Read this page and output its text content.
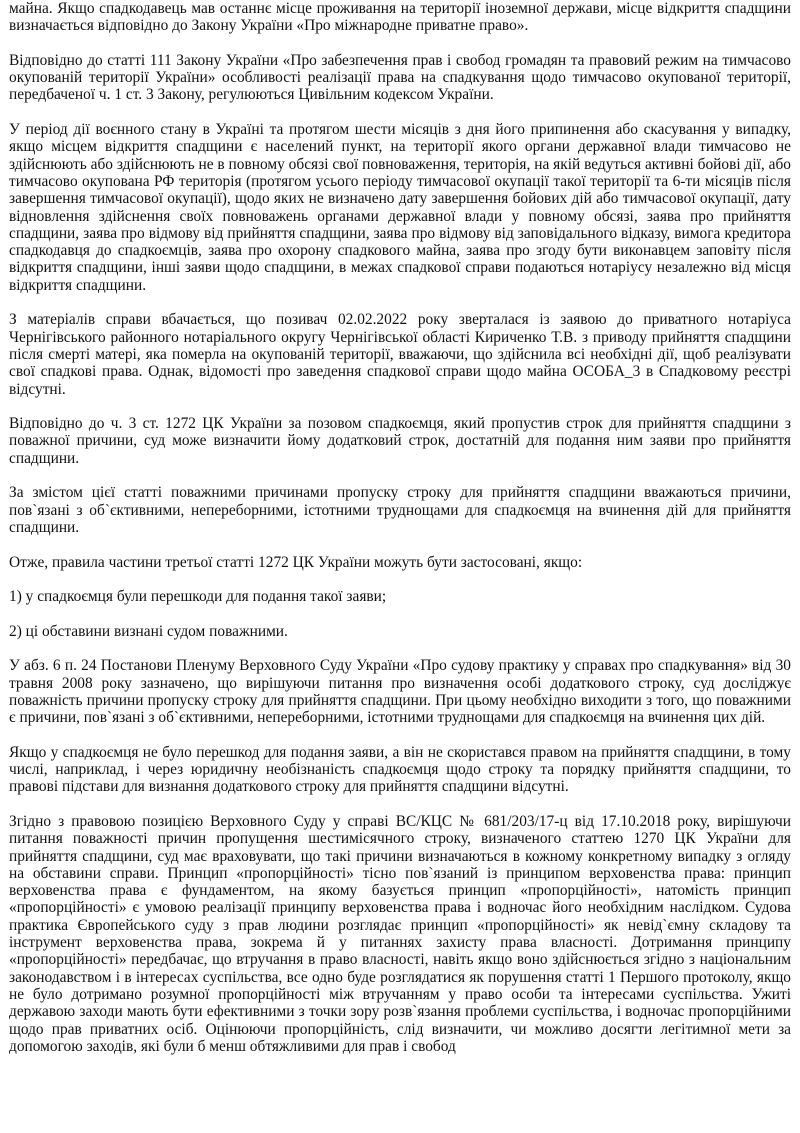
майна. Якщо спадкодавець мав останнє місце проживання на території іноземної держави, місце відкриття спадщини визначається відповідно до Закону України «Про міжнародне приватне право».

Відповідно до статті 111 Закону України «Про забезпечення прав і свобод громадян та правовий режим на тимчасово окупованій території України» особливості реалізації права на спадкування щодо тимчасово окупованої території, передбаченої ч. 1 ст. 3 Закону, регулюються Цивільним кодексом України.

У період дії воєнного стану в Україні та протягом шести місяців з дня його припинення або скасування у випадку, якщо місцем відкриття спадщини є населений пункт, на території якого органи державної влади тимчасово не здійснюють або здійснюють не в повному обсязі свої повноваження, територія, на якій ведуться активні бойові дії, або тимчасово окупована РФ територія (протягом усього періоду тимчасової окупації такої території та 6-ти місяців після завершення тимчасової окупації), щодо яких не визначено дату завершення бойових дій або тимчасової окупації, дату відновлення здійснення своїх повноважень органами державної влади у повному обсязі, заява про прийняття спадщини, заява про відмову від прийняття спадщини, заява про відмову від заповідального відказу, вимога кредитора спадкодавця до спадкоємців, заява про охорону спадкового майна, заява про згоду бути виконавцем заповіту після відкриття спадщини, інші заяви щодо спадщини, в межах спадкової справи подаються нотаріусу незалежно від місця відкриття спадщини.

З матеріалів справи вбачається, що позивач 02.02.2022 року зверталася із заявою до приватного нотаріуса Чернігівського районного нотаріального округу Чернігівської області Кириченко Т.В. з приводу прийняття спадщини після смерті матері, яка померла на окупованій території, вважаючи, що здійснила всі необхідні дії, щоб реалізувати свої спадкові права. Однак, відомості про заведення спадкової справи щодо майна ОСОБА_3 в Спадковому реєстрі відсутні.

Відповідно до ч. 3 ст. 1272 ЦК України за позовом спадкоємця, який пропустив строк для прийняття спадщини з поважної причини, суд може визначити йому додатковий строк, достатній для подання ним заяви про прийняття спадщини.

За змістом цієї статті поважними причинами пропуску строку для прийняття спадщини вважаються причини, пов`язані з об`єктивними, непереборними, істотними труднощами для спадкоємця на вчинення дій для прийняття спадщини.

Отже, правила частини третьої статті 1272 ЦК України можуть бути застосовані, якщо:

1) у спадкоємця були перешкоди для подання такої заяви;

2) ці обставини визнані судом поважними.

У абз. 6 п. 24 Постанови Пленуму Верховного Суду України «Про судову практику у справах про спадкування» від 30 травня 2008 року зазначено, що вирішуючи питання про визначення особі додаткового строку, суд досліджує поважність причини пропуску строку для прийняття спадщини. При цьому необхідно виходити з того, що поважними є причини, пов`язані з об`єктивними, непереборними, істотними труднощами для спадкоємця на вчинення цих дій.

Якщо у спадкоємця не було перешкод для подання заяви, а він не скористався правом на прийняття спадщини, в тому числі, наприклад, і через юридичну необізнаність спадкоємця щодо строку та порядку прийняття спадщини, то правові підстави для визнання додаткового строку для прийняття спадщини відсутні.

Згідно з правовою позицією Верховного Суду у справі ВС/КЦС № 681/203/17-ц від 17.10.2018 року, вирішуючи питання поважності причин пропущення шестимісячного строку, визначеного статтею 1270 ЦК України для прийняття спадщини, суд має враховувати, що такі причини визначаються в кожному конкретному випадку з огляду на обставини справи. Принцип «пропорційності» тісно пов`язаний із принципом верховенства права: принцип верховенства права є фундаментом, на якому базується принцип «пропорційності», натомість принцип «пропорційності» є умовою реалізації принципу верховенства права і водночас його необхідним наслідком. Судова практика Європейського суду з прав людини розглядає принцип «пропорційності» як невід`ємну складову та інструмент верховенства права, зокрема й у питаннях захисту права власності. Дотримання принципу «пропорційності» передбачає, що втручання в право власності, навіть якщо воно здійснюється згідно з національним законодавством і в інтересах суспільства, все одно буде розглядатися як порушення статті 1 Першого протоколу, якщо не було дотримано розумної пропорційності між втручанням у право особи та інтересами суспільства. Ужиті державою заходи мають бути ефективними з точки зору розв`язання проблеми суспільства, і водночас пропорційними щодо прав приватних осіб. Оцінюючи пропорційність, слід визначити, чи можливо досягти легітимної мети за допомогою заходів, які були б менш обтяжливими для прав і свобод
